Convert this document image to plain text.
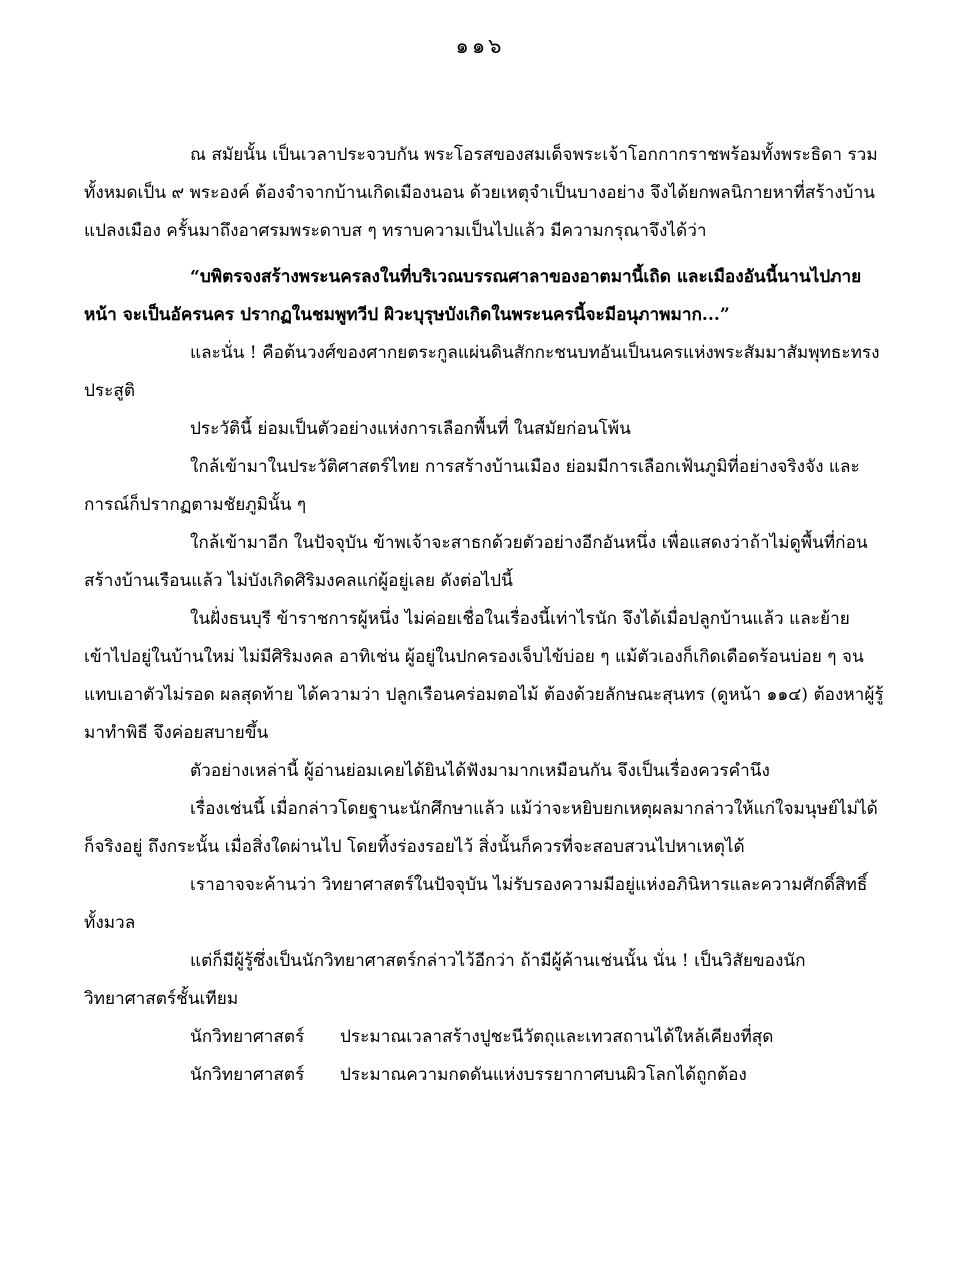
๑๑๖

ณ สมัยนั้น เป็นเวลาประจวบกัน พระโอรสของสมเด็จพระเจ้าโอกกากราชพร้อมทั้งพระธิดา รวมทั้งหมดเป็น ๙ พระองค์ ต้องจำจากบ้านเกิดเมืองนอน ด้วยเหตุจำเป็นบางอย่าง จึงได้ยกพลนิกายหาที่สร้างบ้านแปลงเมือง ครั้นมาถึงอาศรมพระดาบส ๆ ทราบความเป็นไปแล้ว มีความกรุณาจึงได้ว่า

“บพิตรจงสร้างพระนครลงในที่บริเวณบรรณศาลาของอาตมานี้เถิด และเมืองอันนี้นานไปภายหน้า จะเป็นอัครนคร ปรากฏในชมพูทวีป ผิวะบุรุษบังเกิดในพระนครนี้จะมีอนุภาพมาก...”

และนั่น ! คือต้นวงศ์ของศากยตระกูลแผ่นดินสักกะชนบทอันเป็นนครแห่งพระสัมมาสัมพุทธะทรงประสูติ

ประวัตินี้ ย่อมเป็นตัวอย่างแห่งการเลือกพื้นที่ ในสมัยก่อนโพ้น

ใกล้เข้ามาในประวัติศาสตร์ไทย การสร้างบ้านเมือง ย่อมมีการเลือกเฟ้นภูมิที่อย่างจริงจัง และการณ์ก็ปรากฏตามชัยภูมินั้น ๆ

ใกล้เข้ามาอีก ในปัจจุบัน ข้าพเจ้าจะสาธกด้วยตัวอย่างอีกอันหนึ่ง เพื่อแสดงว่าถ้าไม่ดูพื้นที่ก่อน สร้างบ้านเรือนแล้ว ไม่บังเกิดศิริมงคลแก่ผู้อยู่เลย ดังต่อไปนี้

ในฝั่งธนบุรี ข้าราชการผู้หนึ่ง ไม่ค่อยเชื่อในเรื่องนี้เท่าไรนัก จึงได้เมื่อปลูกบ้านแล้ว และย้ายเข้าไปอยู่ในบ้านใหม่ ไม่มีศิริมงคล อาทิเช่น ผู้อยู่ในปกครองเจ็บไข้บ่อย ๆ แม้ตัวเองก็เกิดเดือดร้อนบ่อย ๆ จนแทบเอาตัวไม่รอด ผลสุดท้าย ได้ความว่า ปลูกเรือนคร่อมตอไม้ ต้องด้วยลักษณะสุนทร (ดูหน้า ๑๑๔) ต้องหาผู้รู้มาทำพิธี จึงค่อยสบายขึ้น

ตัวอย่างเหล่านี้ ผู้อ่านย่อมเคยได้ยินได้ฟังมามากเหมือนกัน จึงเป็นเรื่องควรคำนึง

เรื่องเช่นนี้ เมื่อกล่าวโดยฐานะนักศึกษาแล้ว แม้ว่าจะหยิบยกเหตุผลมากล่าวให้แก่ใจมนุษย์ไม่ได้ก็จริงอยู่ ถึงกระนั้น เมื่อสิ่งใดผ่านไป โดยทิ้งร่องรอยไว้ สิ่งนั้นก็ควรที่จะสอบสวนไปหาเหตุได้

เราอาจจะค้านว่า วิทยาศาสตร์ในปัจจุบัน ไม่รับรองความมีอยู่แห่งอภินิหารและความศักดิ์สิทธิ์ทั้งมวล

แต่ก็มีผู้รู้ซึ่งเป็นนักวิทยาศาสตร์กล่าวไว้อีกว่า ถ้ามีผู้ค้านเช่นนั้น นั่น ! เป็นวิสัยของนักวิทยาศาสตร์ชั้นเทียม

นักวิทยาศาสตร์ ประมาณเวลาสร้างปูชะนีวัตถุและเทวสถานได้ใหล้เคียงที่สุด

นักวิทยาศาสตร์ ประมาณความกดดันแห่งบรรยากาศบนผิวโลกได้ถูกต้อง
